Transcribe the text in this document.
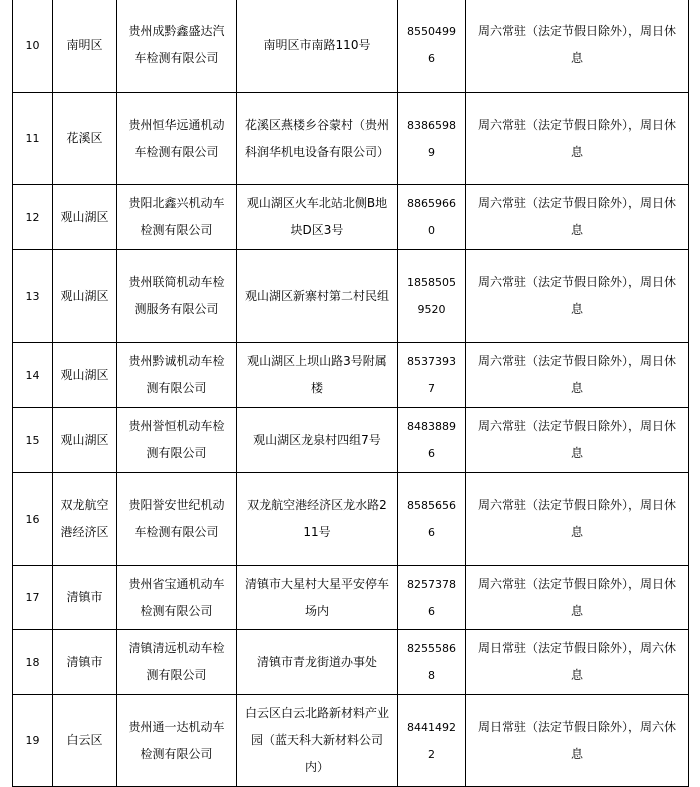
10	南明区	贵州成黔鑫盛达汽车检测有限公司	南明区市南路110号	85504996	周六常驻（法定节假日除外），周日休息
11	花溪区	贵州恒华远通机动车检测有限公司	花溪区燕楼乡谷蒙村（贵州科润华机电设备有限公司）	83865989	周六常驻（法定节假日除外），周日休息
12	观山湖区	贵阳北鑫兴机动车检测有限公司	观山湖区火车北站北侧B地块D区3号	88659660	周六常驻（法定节假日除外），周日休息
13	观山湖区	贵州联简机动车检测服务有限公司	观山湖区新寨村第二村民组	18585059520	周六常驻（法定节假日除外），周日休息
14	观山湖区	贵州黔诚机动车检测有限公司	观山湖区上坝山路3号附属楼	85373937	周六常驻（法定节假日除外），周日休息
15	观山湖区	贵州誉恒机动车检测有限公司	观山湖区龙泉村四组7号	84838896	周六常驻（法定节假日除外），周日休息
16	双龙航空港经济区	贵阳誉安世纪机动车检测有限公司	双龙航空港经济区龙水路211号	85856566	周六常驻（法定节假日除外），周日休息
17	清镇市	贵州省宝通机动车检测有限公司	清镇市大星村大星平安停车场内	82573786	周六常驻（法定节假日除外），周日休息
18	清镇市	清镇清远机动车检测有限公司	清镇市青龙街道办事处	82555868	周日常驻（法定节假日除外），周六休息
19	白云区	贵州通一达机动车检测有限公司	白云区白云北路新材料产业园（蓝天科大新材料公司内）	84414922	周日常驻（法定节假日除外），周六休息
